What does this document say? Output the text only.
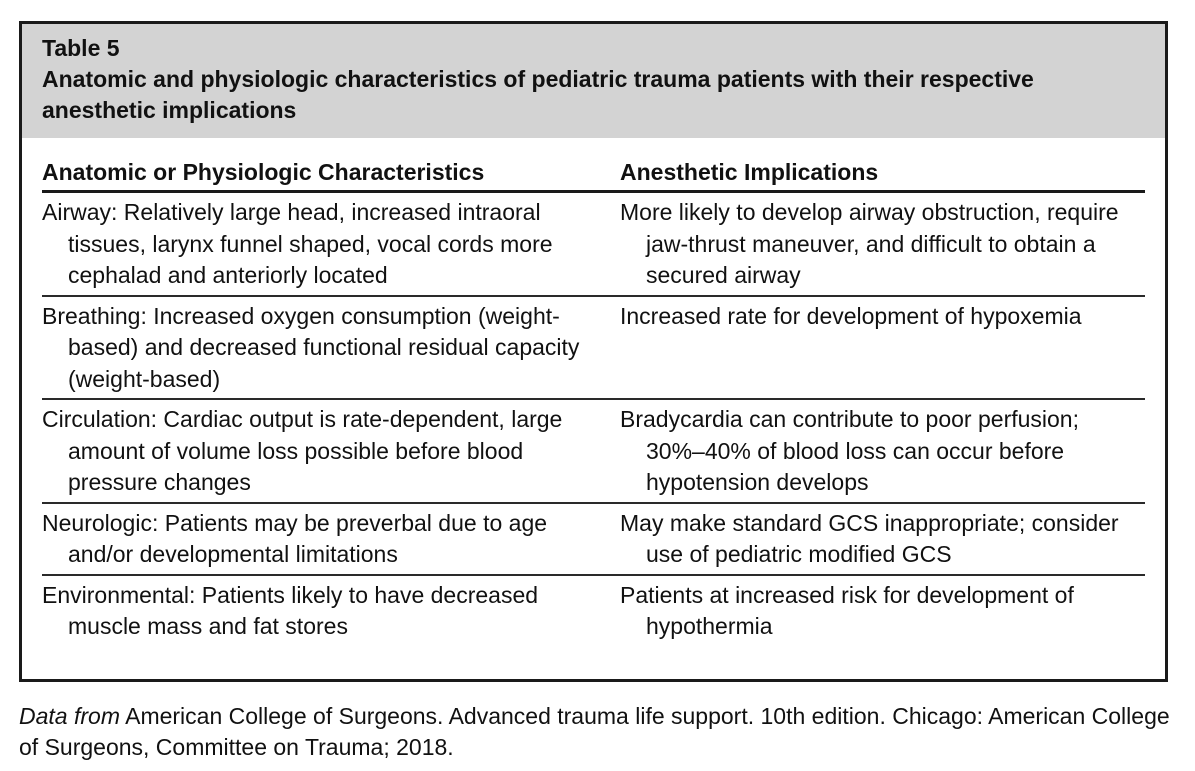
Table 5
Anatomic and physiologic characteristics of pediatric trauma patients with their respective anesthetic implications
Anatomic or Physiologic Characteristics	Anesthetic Implications
Airway: Relatively large head, increased intraoral tissues, larynx funnel shaped, vocal cords more cephalad and anteriorly located
More likely to develop airway obstruction, require jaw-thrust maneuver, and difficult to obtain a secured airway
Breathing: Increased oxygen consumption (weight-based) and decreased functional residual capacity (weight-based)
Increased rate for development of hypoxemia
Circulation: Cardiac output is rate-dependent, large amount of volume loss possible before blood pressure changes
Bradycardia can contribute to poor perfusion; 30%–40% of blood loss can occur before hypotension develops
Neurologic: Patients may be preverbal due to age and/or developmental limitations
May make standard GCS inappropriate; consider use of pediatric modified GCS
Environmental: Patients likely to have decreased muscle mass and fat stores
Patients at increased risk for development of hypothermia
Data from American College of Surgeons. Advanced trauma life support. 10th edition. Chicago: American College of Surgeons, Committee on Trauma; 2018.
